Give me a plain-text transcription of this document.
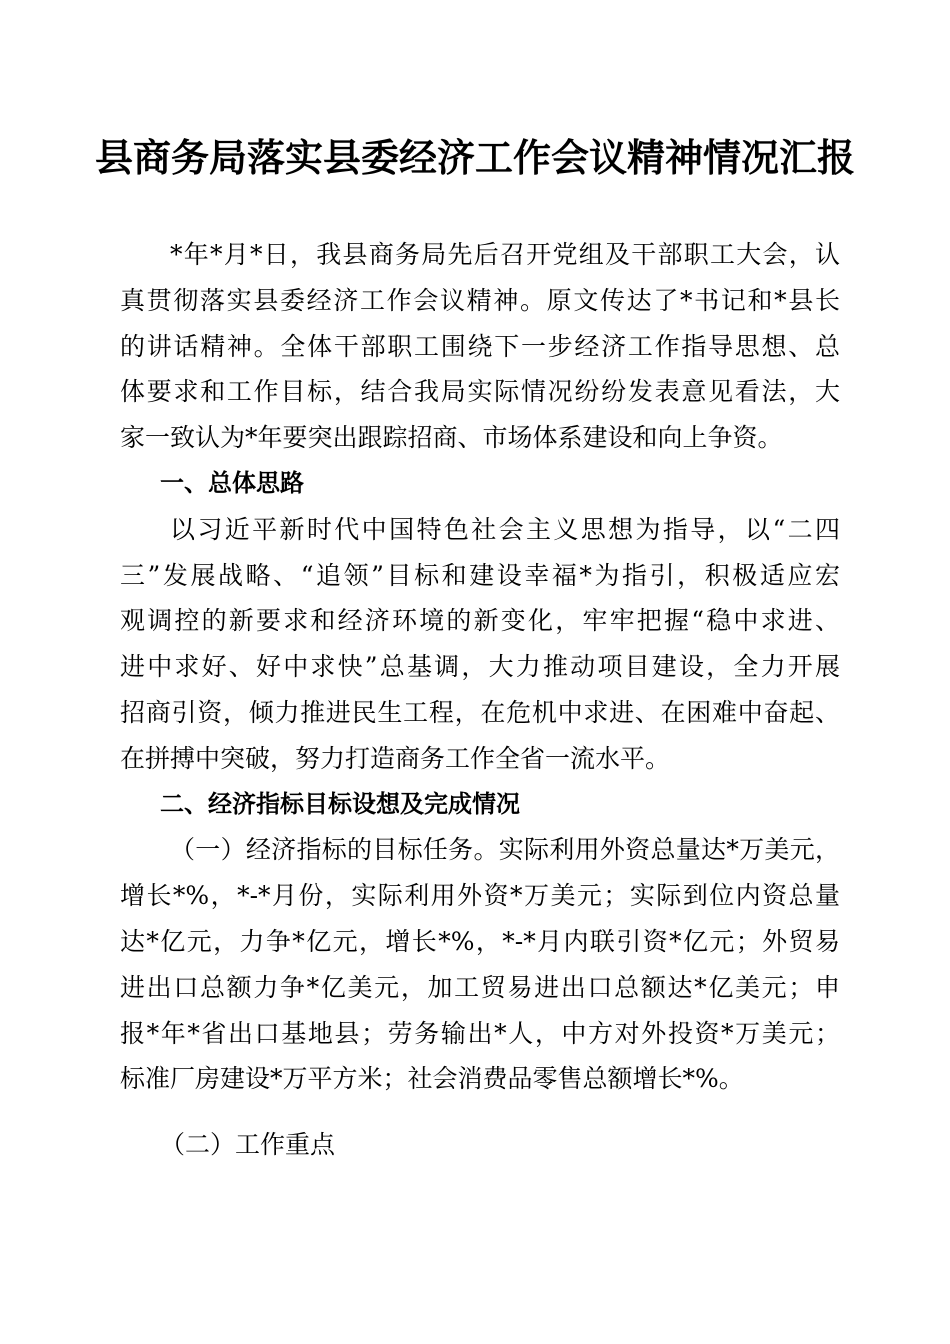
县商务局落实县委经济工作会议精神情况汇报
*年*月*日，我县商务局先后召开党组及干部职工大会，认
真贯彻落实县委经济工作会议精神。原文传达了*书记和*县长
的讲话精神。全体干部职工围绕下一步经济工作指导思想、总
体要求和工作目标，结合我局实际情况纷纷发表意见看法，大
家一致认为*年要突出跟踪招商、市场体系建设和向上争资。
一、总体思路
以习近平新时代中国特色社会主义思想为指导，以“二四
三”发展战略、“追领”目标和建设幸福*为指引，积极适应宏
观调控的新要求和经济环境的新变化，牢牢把握“稳中求进、
进中求好、好中求快”总基调，大力推动项目建设，全力开展
招商引资，倾力推进民生工程，在危机中求进、在困难中奋起、
在拼搏中突破，努力打造商务工作全省一流水平。
二、经济指标目标设想及完成情况
（一）经济指标的目标任务。实际利用外资总量达*万美元，
增长*%，*-*月份，实际利用外资*万美元；实际到位内资总量
达*亿元，力争*亿元，增长*%，*-*月内联引资*亿元；外贸易
进出口总额力争*亿美元，加工贸易进出口总额达*亿美元；申
报*年*省出口基地县；劳务输出*人，中方对外投资*万美元；
标准厂房建设*万平方米；社会消费品零售总额增长*%。
（二）工作重点
